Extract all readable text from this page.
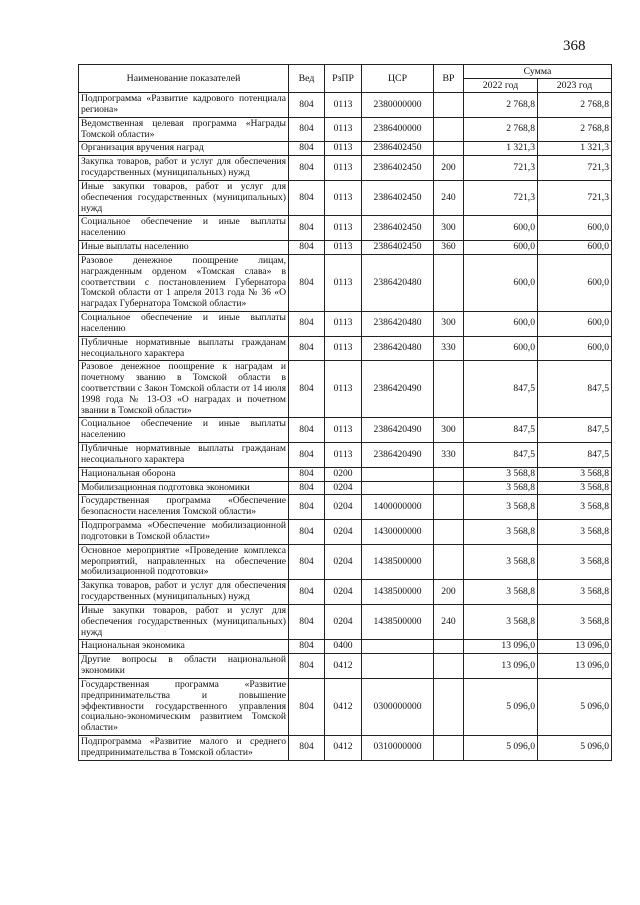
368
Наименование показателей	Вед	РзПР	ЦСР	ВР	Сумма	
					2022 год	2023 год
Подпрограмма «Развитие кадрового потенциала региона»	804	0113	2380000000		2 768,8	2 768,8
Ведомственная целевая программа «Награды Томской области»	804	0113	2386400000		2 768,8	2 768,8
Организация вручения наград	804	0113	2386402450		1 321,3	1 321,3
Закупка товаров, работ и услуг для обеспечения государственных (муниципальных) нужд	804	0113	2386402450	200	721,3	721,3
Иные закупки товаров, работ и услуг для обеспечения государственных (муниципальных) нужд	804	0113	2386402450	240	721,3	721,3
Социальное обеспечение и иные выплаты населению	804	0113	2386402450	300	600,0	600,0
Иные выплаты населению	804	0113	2386402450	360	600,0	600,0
Разовое денежное поощрение лицам, награжденным орденом «Томская слава» в соответствии с постановлением Губернатора Томской области от 1 апреля 2013 года № 36 «О наградах Губернатора Томской области»	804	0113	2386420480		600,0	600,0
Социальное обеспечение и иные выплаты населению	804	0113	2386420480	300	600,0	600,0
Публичные нормативные выплаты гражданам несоциального характера	804	0113	2386420480	330	600,0	600,0
Разовое денежное поощрение к наградам и почетному званию в Томской области в соответствии с Закон Томской области от 14 июля 1998 года № 13-ОЗ «О наградах и почетном звании в Томской области»	804	0113	2386420490		847,5	847,5
Социальное обеспечение и иные выплаты населению	804	0113	2386420490	300	847,5	847,5
Публичные нормативные выплаты гражданам несоциального характера	804	0113	2386420490	330	847,5	847,5
Национальная оборона	804	0200			3 568,8	3 568,8
Мобилизационная подготовка экономики	804	0204			3 568,8	3 568,8
Государственная программа «Обеспечение безопасности населения Томской области»	804	0204	1400000000		3 568,8	3 568,8
Подпрограмма «Обеспечение мобилизационной подготовки в Томской области»	804	0204	1430000000		3 568,8	3 568,8
Основное мероприятие «Проведение комплекса мероприятий, направленных на обеспечение мобилизационной подготовки»	804	0204	1438500000		3 568,8	3 568,8
Закупка товаров, работ и услуг для обеспечения государственных (муниципальных) нужд	804	0204	1438500000	200	3 568,8	3 568,8
Иные закупки товаров, работ и услуг для обеспечения государственных (муниципальных) нужд	804	0204	1438500000	240	3 568,8	3 568,8
Национальная экономика	804	0400			13 096,0	13 096,0
Другие вопросы в области национальной экономики	804	0412			13 096,0	13 096,0
Государственная программа «Развитие предпринимательства и повышение эффективности государственного управления социально-экономическим развитием Томской области»	804	0412	0300000000		5 096,0	5 096,0
Подпрограмма «Развитие малого и среднего предпринимательства в Томской области»	804	0412	0310000000		5 096,0	5 096,0
